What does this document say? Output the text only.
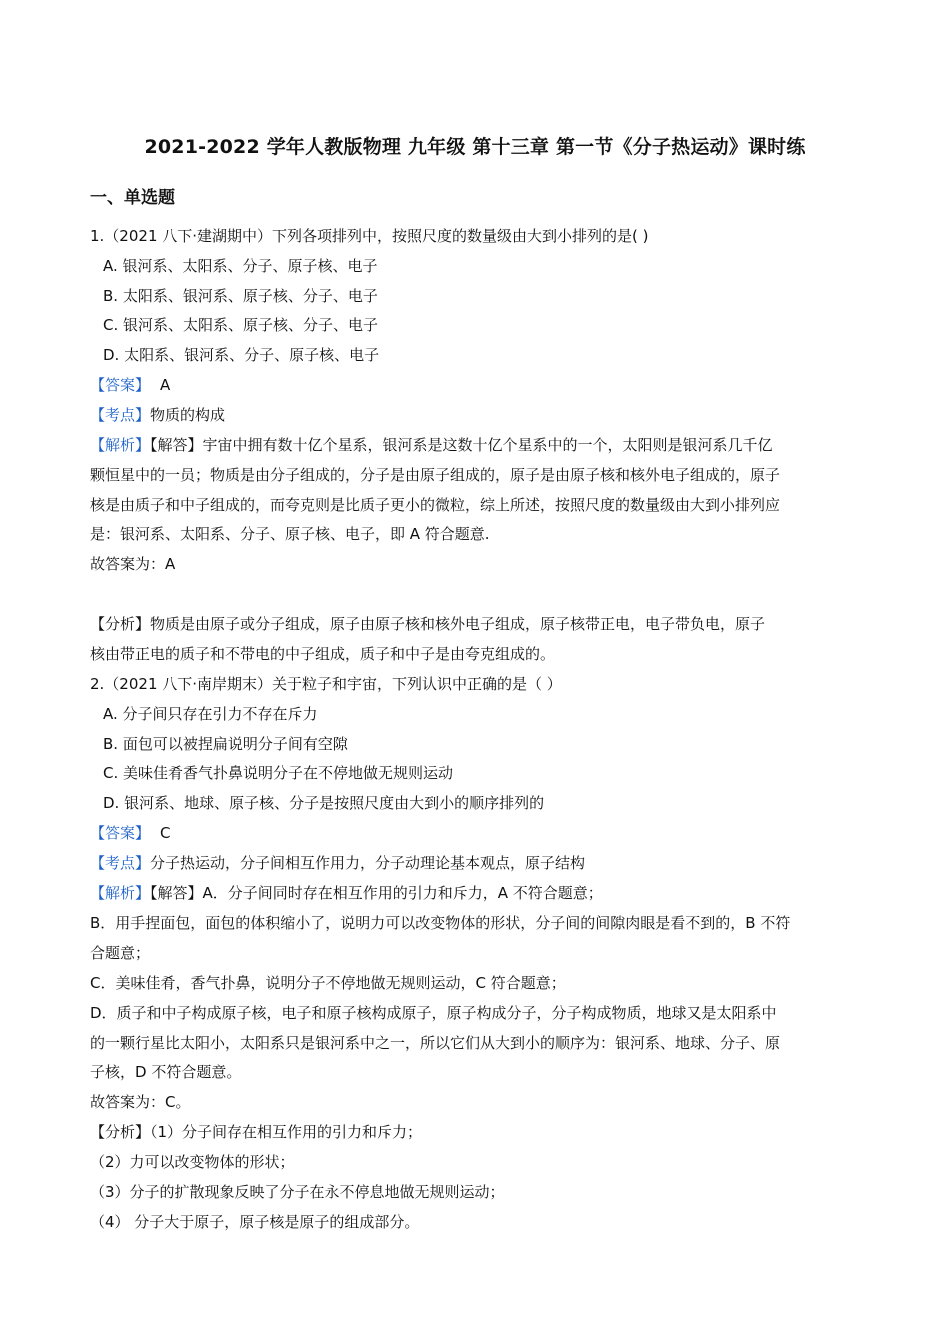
2021-2022 学年人教版物理 九年级 第十三章 第一节《分子热运动》课时练
一、单选题
1.（2021 八下·建湖期中）下列各项排列中，按照尺度的数量级由大到小排列的是( )
A. 银河系、太阳系、分子、原子核、电子
B. 太阳系、银河系、原子核、分子、电子
C. 银河系、太阳系、原子核、分子、电子
D. 太阳系、银河系、分子、原子核、电子
【答案】 A
【考点】物质的构成
【解析】【解答】宇宙中拥有数十亿个星系，银河系是这数十亿个星系中的一个，太阳则是银河系几千亿
颗恒星中的一员；物质是由分子组成的，分子是由原子组成的，原子是由原子核和核外电子组成的，原子
核是由质子和中子组成的，而夸克则是比质子更小的微粒，综上所述，按照尺度的数量级由大到小排列应
是：银河系、太阳系、分子、原子核、电子，即 A 符合题意.
故答案为：A
【分析】物质是由原子或分子组成，原子由原子核和核外电子组成，原子核带正电，电子带负电，原子
核由带正电的质子和不带电的中子组成，质子和中子是由夸克组成的。
2.（2021 八下·南岸期末）关于粒子和宇宙，下列认识中正确的是（ ）
A. 分子间只存在引力不存在斥力
B. 面包可以被捏扁说明分子间有空隙
C. 美味佳肴香气扑鼻说明分子在不停地做无规则运动
D. 银河系、地球、原子核、分子是按照尺度由大到小的顺序排列的
【答案】 C
【考点】分子热运动，分子间相互作用力，分子动理论基本观点，原子结构
【解析】【解答】A．分子间同时存在相互作用的引力和斥力，A 不符合题意；
B．用手捏面包，面包的体积缩小了，说明力可以改变物体的形状，分子间的间隙肉眼是看不到的，B 不符
合题意；
C．美味佳肴，香气扑鼻，说明分子不停地做无规则运动，C 符合题意；
D．质子和中子构成原子核，电子和原子核构成原子，原子构成分子，分子构成物质，地球又是太阳系中
的一颗行星比太阳小，太阳系只是银河系中之一，所以它们从大到小的顺序为：银河系、地球、分子、原
子核，D 不符合题意。
故答案为：C。
【分析】（1）分子间存在相互作用的引力和斥力；
（2）力可以改变物体的形状；
（3）分子的扩散现象反映了分子在永不停息地做无规则运动；
（4） 分子大于原子，原子核是原子的组成部分。
